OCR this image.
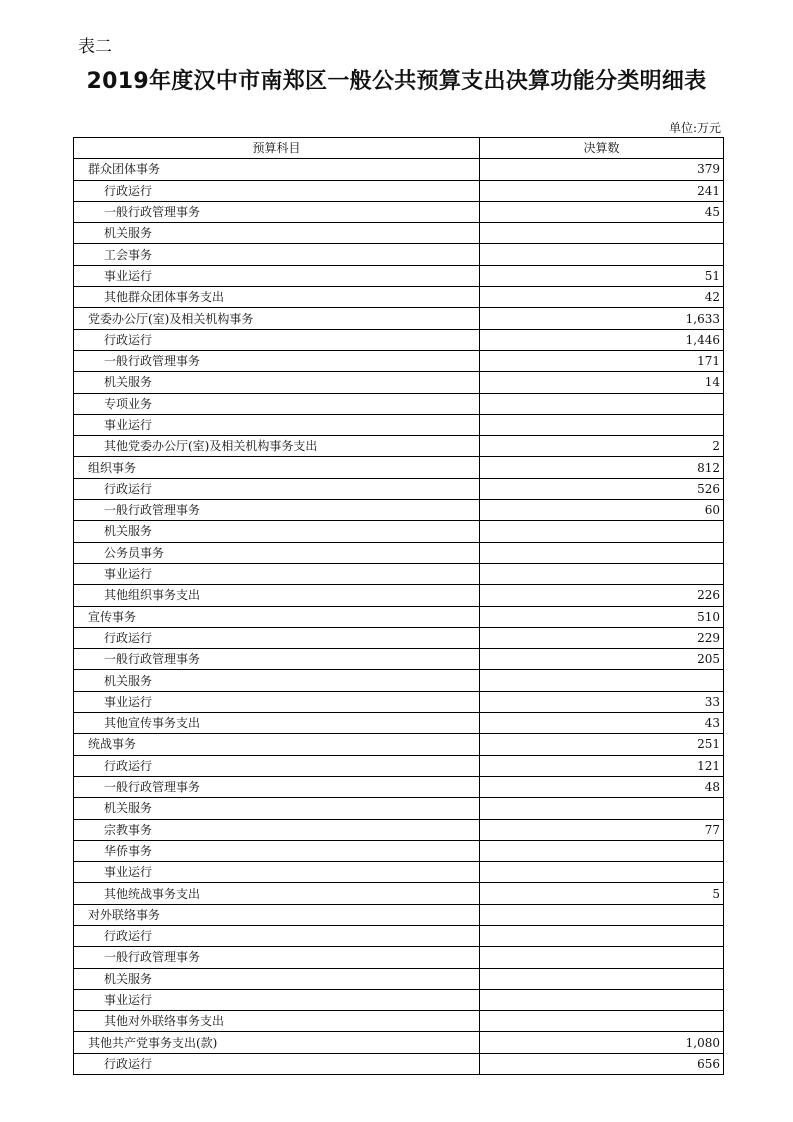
表二
2019年度汉中市南郑区一般公共预算支出决算功能分类明细表
单位:万元
预算科目	决算数
群众团体事务	379
行政运行	241
一般行政管理事务	45
机关服务	
工会事务	
事业运行	51
其他群众团体事务支出	42
党委办公厅(室)及相关机构事务	1,633
行政运行	1,446
一般行政管理事务	171
机关服务	14
专项业务	
事业运行	
其他党委办公厅(室)及相关机构事务支出	2
组织事务	812
行政运行	526
一般行政管理事务	60
机关服务	
公务员事务	
事业运行	
其他组织事务支出	226
宣传事务	510
行政运行	229
一般行政管理事务	205
机关服务	
事业运行	33
其他宣传事务支出	43
统战事务	251
行政运行	121
一般行政管理事务	48
机关服务	
宗教事务	77
华侨事务	
事业运行	
其他统战事务支出	5
对外联络事务	
行政运行	
一般行政管理事务	
机关服务	
事业运行	
其他对外联络事务支出	
其他共产党事务支出(款)	1,080
行政运行	656
